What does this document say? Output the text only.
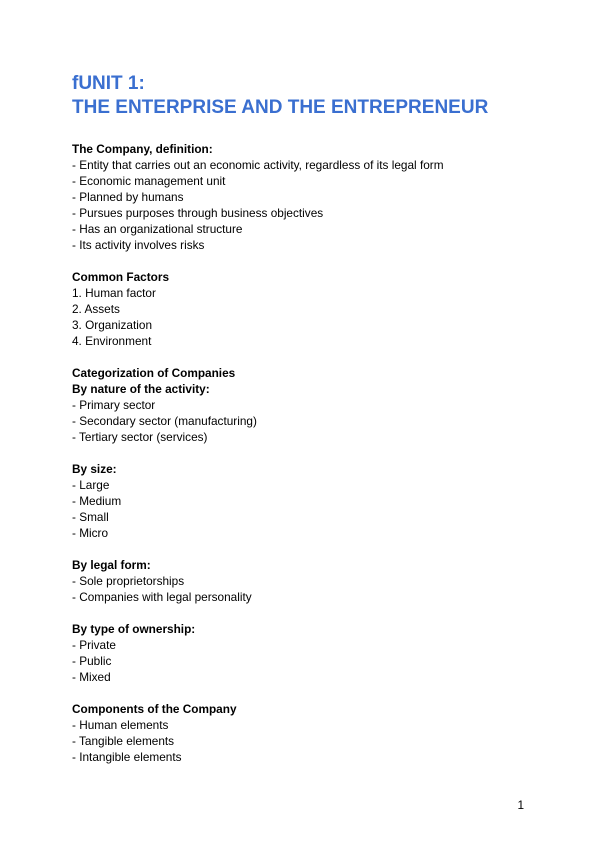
fUNIT 1:
THE ENTERPRISE AND THE ENTREPRENEUR
The Company, definition:
- Entity that carries out an economic activity, regardless of its legal form
- Economic management unit
- Planned by humans
- Pursues purposes through business objectives
- Has an organizational structure
- Its activity involves risks
Common Factors
1. Human factor
2. Assets
3. Organization
4. Environment
Categorization of Companies
By nature of the activity:
- Primary sector
- Secondary sector (manufacturing)
- Tertiary sector (services)
By size:
- Large
- Medium
- Small
- Micro
By legal form:
- Sole proprietorships
- Companies with legal personality
By type of ownership:
- Private
- Public
- Mixed
Components of the Company
- Human elements
- Tangible elements
- Intangible elements
1
